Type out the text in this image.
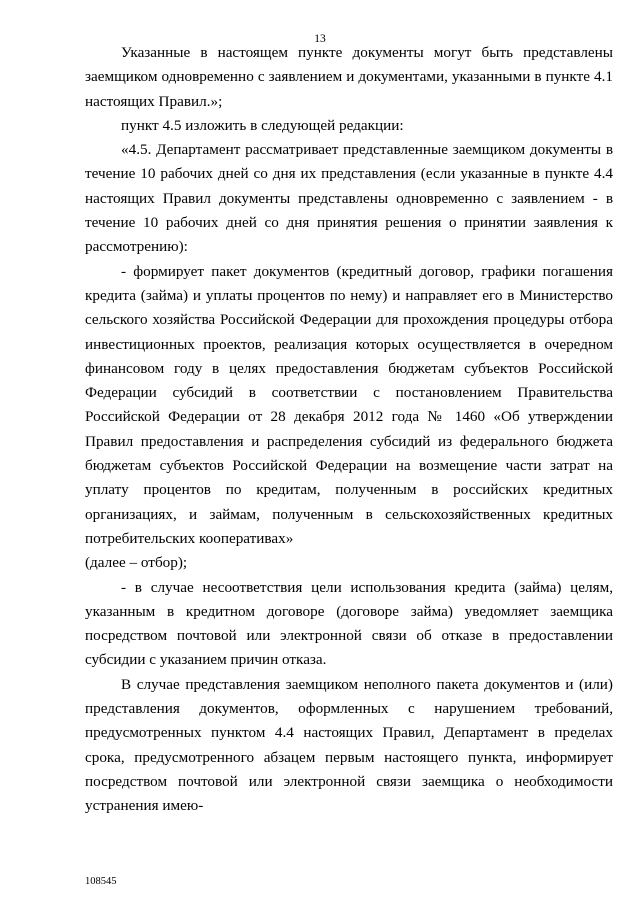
13

Указанные в настоящем пункте документы могут быть представлены заемщиком одновременно с заявлением и документами, указанными в пункте 4.1 настоящих Правил.»;

пункт 4.5 изложить в следующей редакции:

«4.5. Департамент рассматривает представленные заемщиком документы в течение 10 рабочих дней со дня их представления (если указанные в пункте 4.4 настоящих Правил документы представлены одновременно с заявлением - в течение 10 рабочих дней со дня принятия решения о принятии заявления к рассмотрению):

- формирует пакет документов (кредитный договор, графики погашения кредита (займа) и уплаты процентов по нему) и направляет его в Министерство сельского хозяйства Российской Федерации для прохождения процедуры отбора инвестиционных проектов, реализация которых осуществляется в очередном финансовом году в целях предоставления бюджетам субъектов Российской Федерации субсидий в соответствии с постановлением Правительства Российской Федерации от 28 декабря 2012 года № 1460 «Об утверждении Правил предоставления и распределения субсидий из федерального бюджета бюджетам субъектов Российской Федерации на возмещение части затрат на уплату процентов по кредитам, полученным в российских кредитных организациях, и займам, полученным в сельскохозяйственных кредитных потребительских кооперативах»

(далее – отбор);

- в случае несоответствия цели использования кредита (займа) целям, указанным в кредитном договоре (договоре займа) уведомляет заемщика посредством почтовой или электронной связи об отказе в предоставлении субсидии с указанием причин отказа.

В случае представления заемщиком неполного пакета документов и (или) представления документов, оформленных с нарушением требований, предусмотренных пунктом 4.4 настоящих Правил, Департамент в пределах срока, предусмотренного абзацем первым настоящего пункта, информирует посредством почтовой или электронной связи заемщика о необходимости устранения имею-

108545
